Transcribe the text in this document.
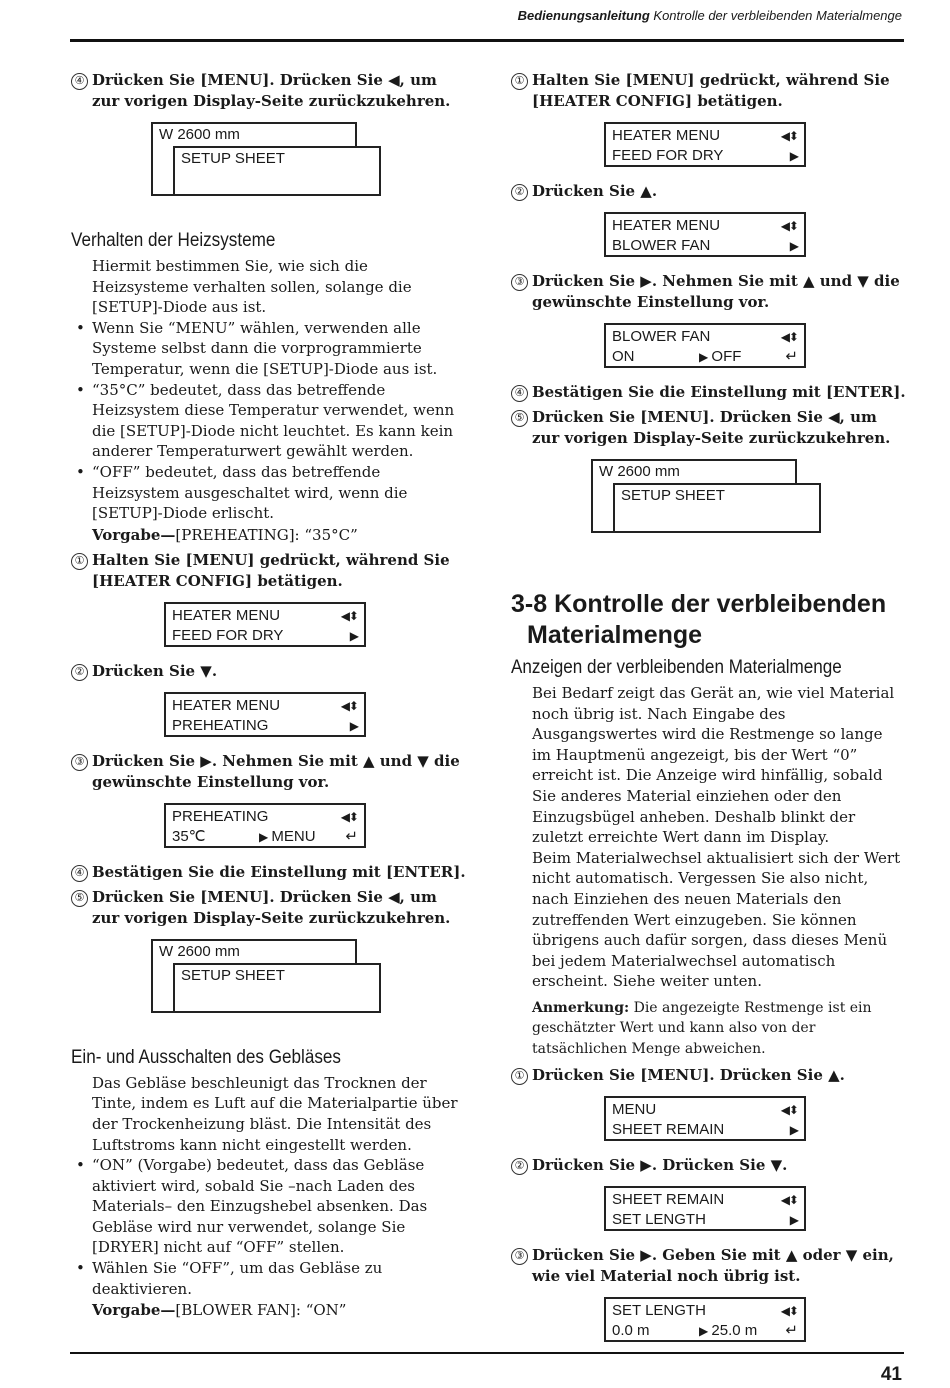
Bedienungsanleitung Kontrolle der verbleibenden Materialmenge
④ Drücken Sie [MENU]. Drücken Sie ◀, um zur vorigen Display-Seite zurückzukehren.
W 2600 mm
SETUP SHEET
Verhalten der Heizsysteme

Hiermit bestimmen Sie, wie sich die Heizsysteme verhalten sollen, solange die [SETUP]-Diode aus ist.

• Wenn Sie “MENU” wählen, verwenden alle Systeme selbst dann die vorprogrammierte Temperatur, wenn die [SETUP]-Diode aus ist.

• “35°C” bedeutet, dass das betreffende Heizsystem diese Temperatur verwendet, wenn die [SETUP]-Diode nicht leuchtet. Es kann kein anderer Temperaturwert gewählt werden.

• “OFF” bedeutet, dass das betreffende Heizsystem ausgeschaltet wird, wenn die [SETUP]-Diode erlischt.

Vorgabe—[PREHEATING]: “35°C”

① Halten Sie [MENU] gedrückt, während Sie [HEATER CONFIG] betätigen.
HEATER MENU	◀⬍
FEED FOR DRY	▶
② Drücken Sie ▼.
HEATER MENU	◀⬍
PREHEATING	▶
③ Drücken Sie ▶. Nehmen Sie mit ▲ und ▼ die gewünschte Einstellung vor.
PREHEATING	◀⬍
35℃	▶ MENU ↵
④ Bestätigen Sie die Einstellung mit [ENTER].
⑤ Drücken Sie [MENU]. Drücken Sie ◀, um zur vorigen Display-Seite zurückzukehren.
W 2600 mm
SETUP SHEET
Ein- und Ausschalten des Gebläses

Das Gebläse beschleunigt das Trocknen der Tinte, indem es Luft auf die Materialpartie über der Trockenheizung bläst. Die Intensität des Luftstroms kann nicht eingestellt werden.

• “ON” (Vorgabe) bedeutet, dass das Gebläse aktiviert wird, sobald Sie –nach Laden des Materials– den Einzugshebel absenken. Das Gebläse wird nur verwendet, solange Sie [DRYER] nicht auf “OFF” stellen.

• Wählen Sie “OFF”, um das Gebläse zu deaktivieren.

Vorgabe—[BLOWER FAN]: “ON”

① Halten Sie [MENU] gedrückt, während Sie [HEATER CONFIG] betätigen.
HEATER MENU	◀⬍
FEED FOR DRY	▶
② Drücken Sie ▲.
HEATER MENU	◀⬍
BLOWER FAN	▶
③ Drücken Sie ▶. Nehmen Sie mit ▲ und ▼ die gewünschte Einstellung vor.
BLOWER FAN	◀⬍
ON	▶ OFF	↵
④ Bestätigen Sie die Einstellung mit [ENTER].
⑤ Drücken Sie [MENU]. Drücken Sie ◀, um zur vorigen Display-Seite zurückzukehren.
W 2600 mm
SETUP SHEET
3-8 Kontrolle der verbleibenden
Materialmenge
Anzeigen der verbleibenden Materialmenge

Bei Bedarf zeigt das Gerät an, wie viel Material noch übrig ist. Nach Eingabe des Ausgangswertes wird die Restmenge so lange im Hauptmenü angezeigt, bis der Wert “0” erreicht ist. Die Anzeige wird hinfällig, sobald Sie anderes Material einziehen oder den Einzugsbügel anheben. Deshalb blinkt der zuletzt erreichte Wert dann im Display.

Beim Materialwechsel aktualisiert sich der Wert nicht automatisch. Vergessen Sie also nicht, nach Einziehen des neuen Materials den zutreffenden Wert einzugeben. Sie können übrigens auch dafür sorgen, dass dieses Menü bei jedem Materialwechsel automatisch erscheint. Siehe weiter unten.

Anmerkung: Die angezeigte Restmenge ist ein geschätzter Wert und kann also von der tatsächlichen Menge abweichen.

① Drücken Sie [MENU]. Drücken Sie ▲.
MENU	◀⬍
SHEET REMAIN	▶
② Drücken Sie ▶. Drücken Sie ▼.
SHEET REMAIN	◀⬍
SET LENGTH	▶
③ Drücken Sie ▶. Geben Sie mit ▲ oder ▼ ein, wie viel Material noch übrig ist.
SET LENGTH	◀⬍
0.0 m	▶ 25.0 m ↵
41
